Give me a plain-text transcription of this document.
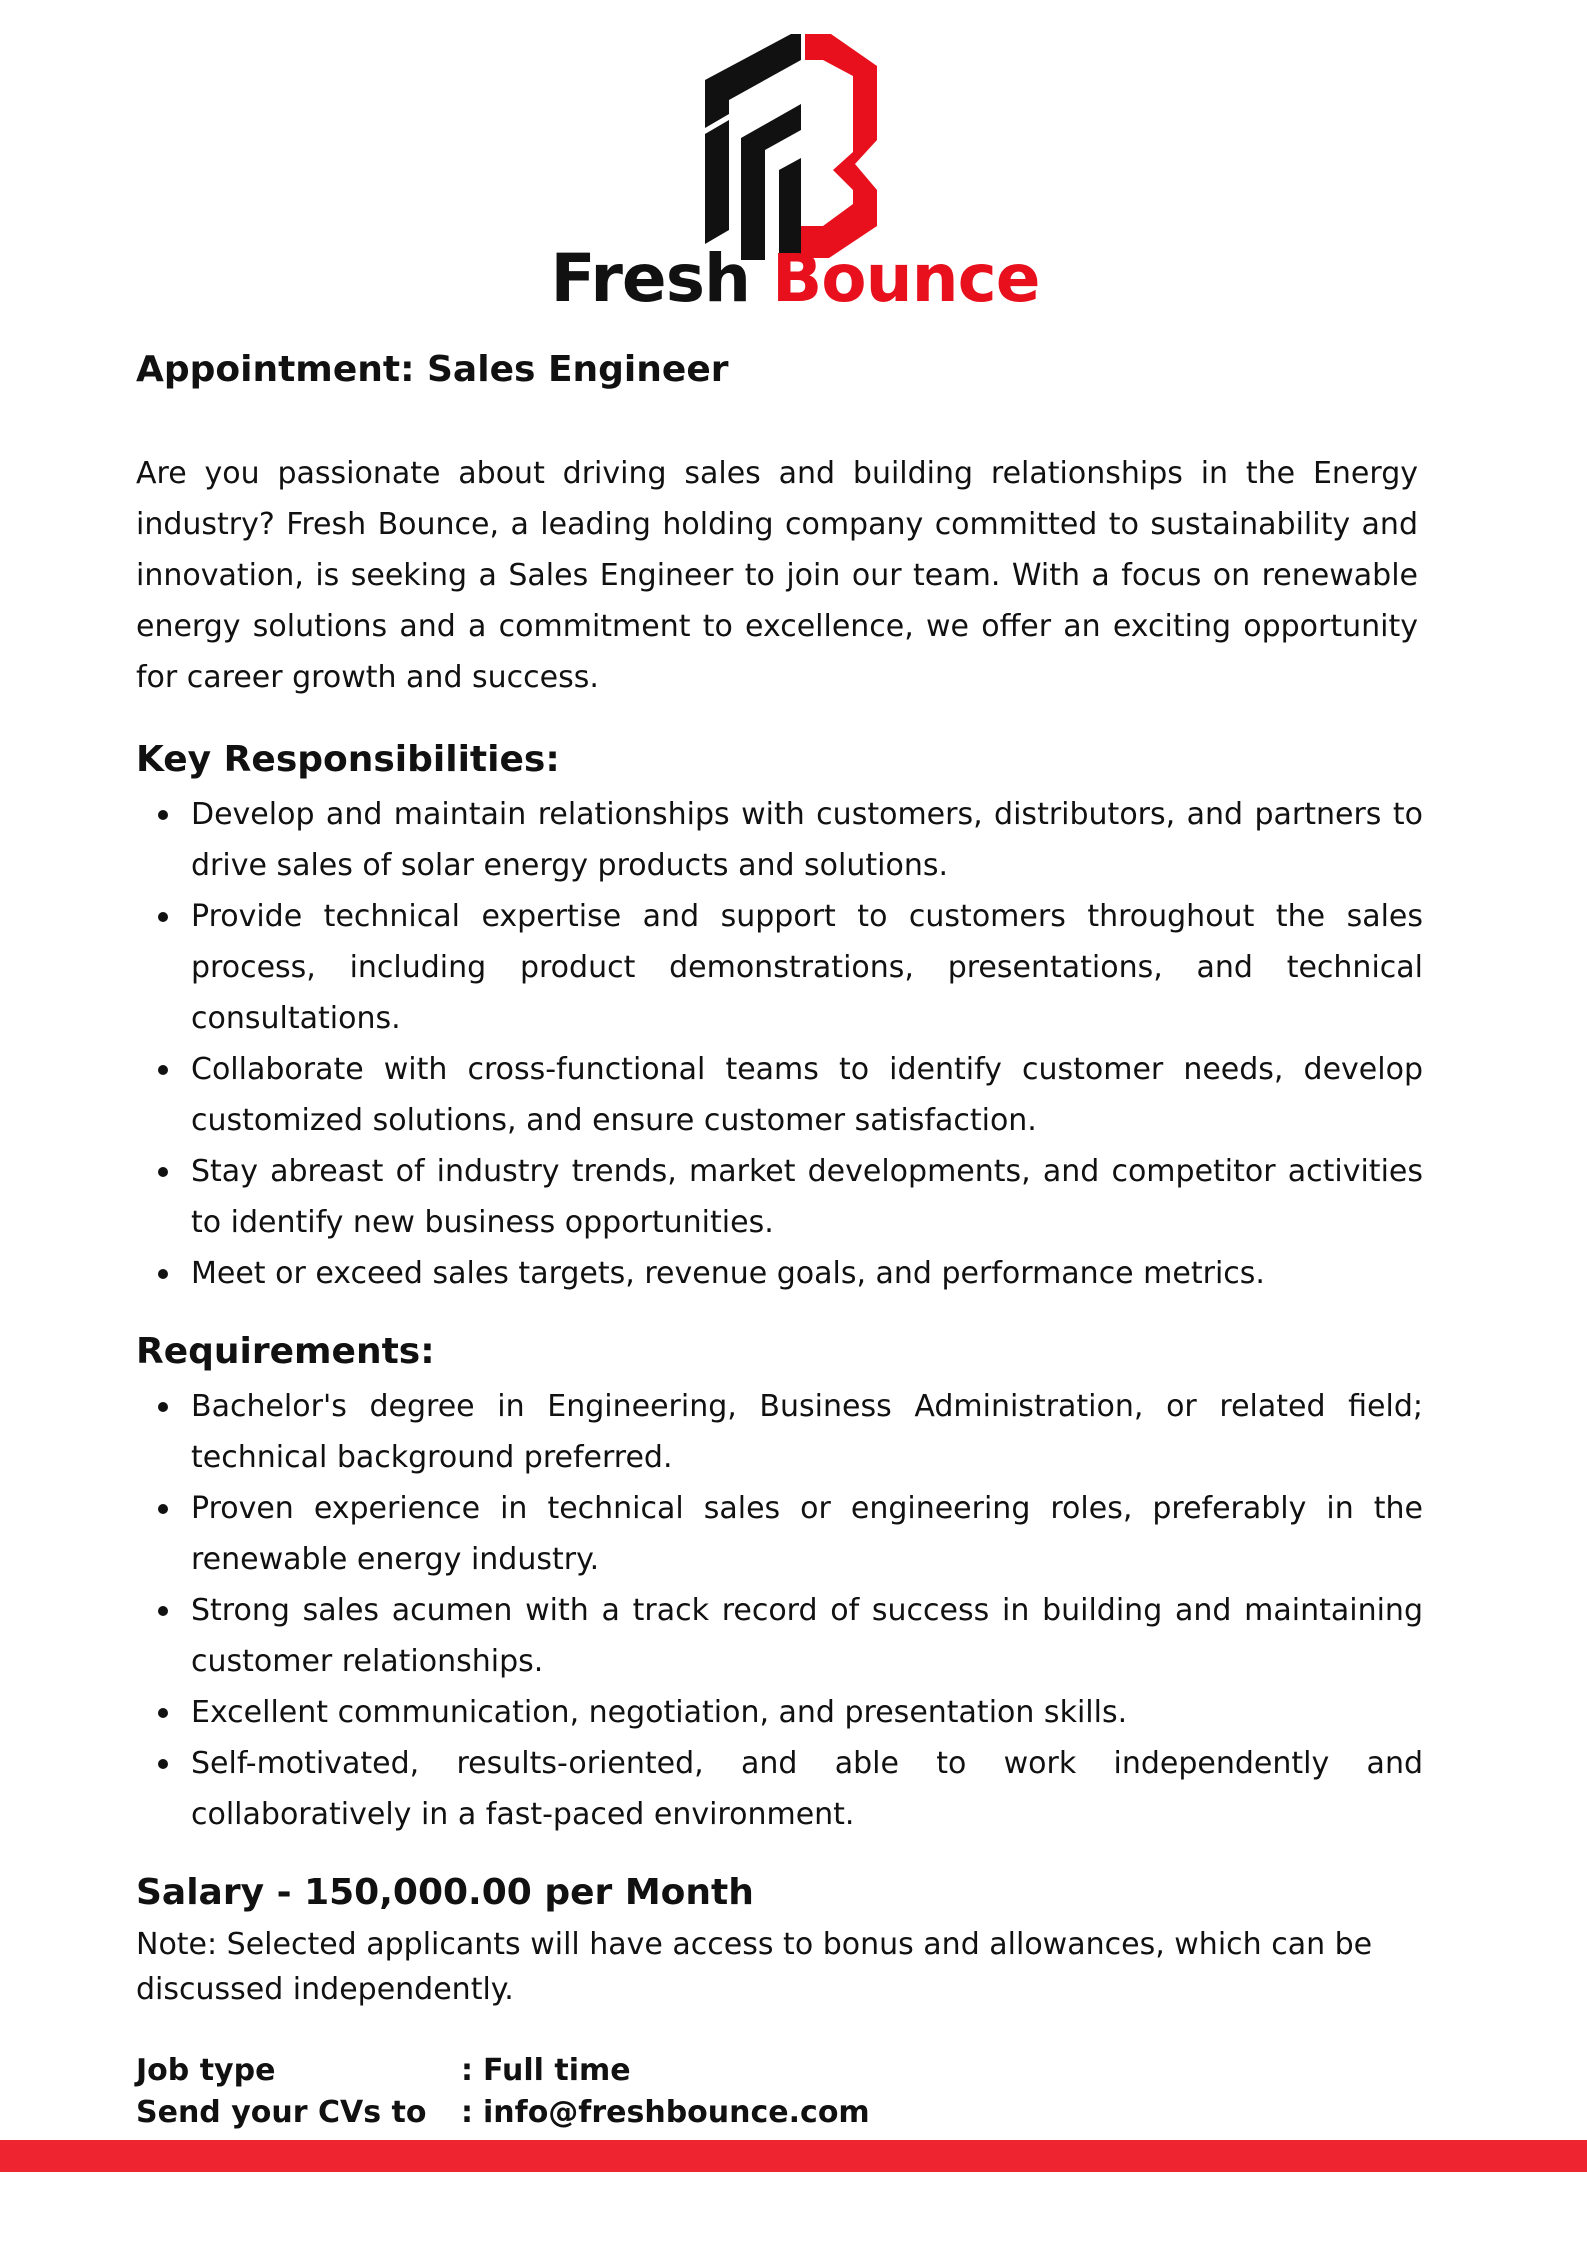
Fresh Bounce
Appointment: Sales Engineer

Are you passionate about driving sales and building relationships in the Energy industry? Fresh Bounce, a leading holding company committed to sustainability and innovation, is seeking a Sales Engineer to join our team. With a focus on renewable energy solutions and a commitment to excellence, we offer an exciting opportunity for career growth and success.

Key Responsibilities:
Develop and maintain relationships with customers, distributors, and partners to drive sales of solar energy products and solutions.
Provide technical expertise and support to customers throughout the sales process, including product demonstrations, presentations, and technical consultations.
Collaborate with cross-functional teams to identify customer needs, develop customized solutions, and ensure customer satisfaction.
Stay abreast of industry trends, market developments, and competitor activities to identify new business opportunities.
Meet or exceed sales targets, revenue goals, and performance metrics.
Requirements:
Bachelor's degree in Engineering, Business Administration, or related field; technical background preferred.
Proven experience in technical sales or engineering roles, preferably in the renewable energy industry.
Strong sales acumen with a track record of success in building and maintaining customer relationships.
Excellent communication, negotiation, and presentation skills.
Self-motivated, results-oriented, and able to work independently and collaboratively in a fast-paced environment.
Salary - 150,000.00 per Month
Note: Selected applicants will have access to bonus and allowances, which can be discussed independently.
Job type	: Full time
Send your CVs to	: info@freshbounce.com
